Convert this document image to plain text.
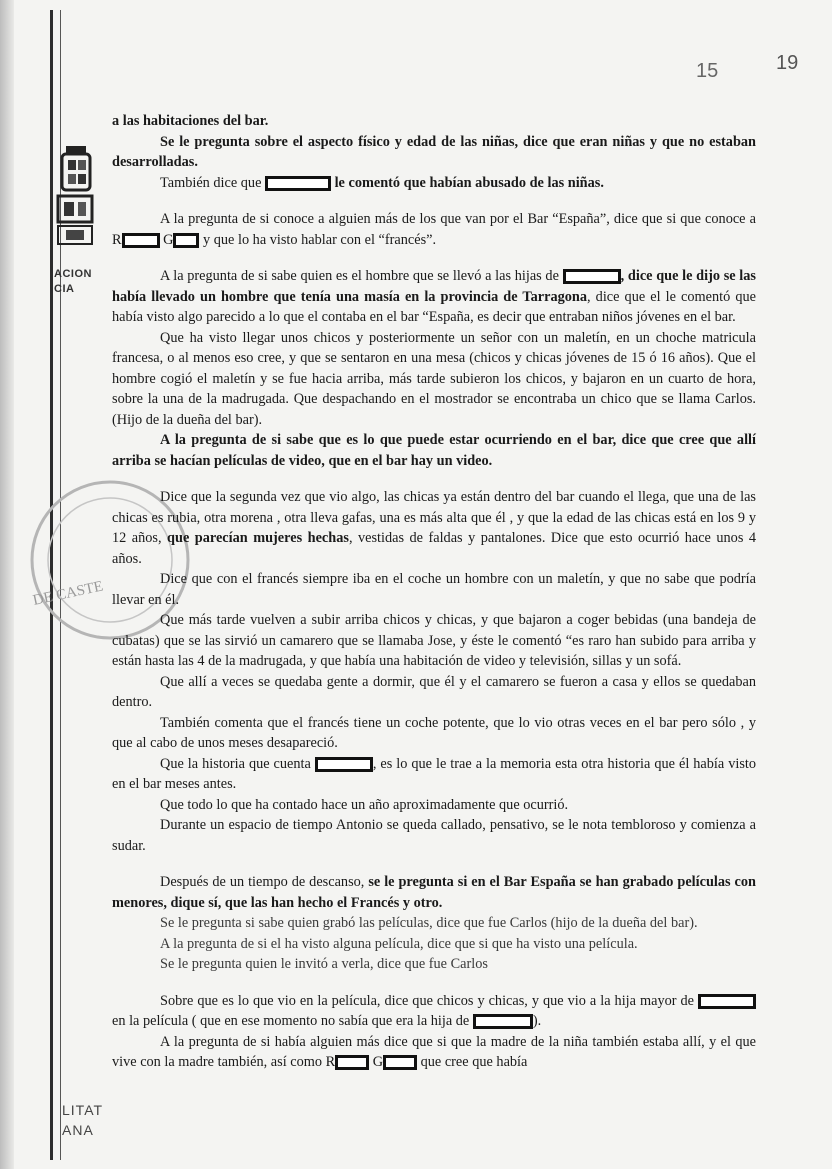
ACION
CIA
LITAT
ANA
DE CASTE
15	19

a las habitaciones del bar.

Se le pregunta sobre el aspecto físico y edad de las niñas, dice que eran niñas y que no estaban desarrolladas.

También dice que	le comentó que habían abusado de las niñas.

A la pregunta de si conoce a alguien más de los que van por el Bar “España”, dice que si que conoce a R	G y que lo ha visto hablar con el “francés”.

A la pregunta de si sabe quien es el hombre que se llevó a las hijas de	, dice que le dijo se las había llevado un hombre que tenía una masía en la provincia de Tarragona, dice que el le comentó que había visto algo parecido a lo que el contaba en el bar “España, es decir que entraban niños jóvenes en el bar.

Que ha visto llegar unos chicos y posteriormente un señor con un maletín, en un choche matricula francesa, o al menos eso cree, y que se sentaron en una mesa (chicos y chicas jóvenes de 15 ó 16 años). Que el hombre cogió el maletín y se fue hacia arriba, más tarde subieron los chicos, y bajaron en un cuarto de hora, sobre la una de la madrugada. Que despachando en el mostrador se encontraba un chico que se llama Carlos. (Hijo de la dueña del bar).

A la pregunta de si sabe que es lo que puede estar ocurriendo en el bar, dice que cree que allí arriba se hacían películas de video, que en el bar hay un video.

Dice que la segunda vez que vio algo, las chicas ya están dentro del bar cuando el llega, que una de las chicas es rubia, otra morena , otra lleva gafas, una es más alta que él , y que la edad de las chicas está en los 9 y 12 años, que parecían mujeres hechas, vestidas de faldas y pantalones. Dice que esto ocurrió hace unos 4 años.

Dice que con el francés siempre iba en el coche un hombre con un maletín, y que no sabe que podría llevar en él.

Que más tarde vuelven a subir arriba chicos y chicas, y que bajaron a coger bebidas (una bandeja de cubatas) que se las sirvió un camarero que se llamaba Jose, y éste le comentó “es raro han subido para arriba y están hasta las 4 de la madrugada, y que había una habitación de video y televisión, sillas y un sofá.

Que allí a veces se quedaba gente a dormir, que él y el camarero se fueron a casa y ellos se quedaban dentro.

También comenta que el francés tiene un coche potente, que lo vio otras veces en el bar pero sólo , y que al cabo de unos meses desapareció.

Que la historia que cuenta	, es lo que le trae a la memoria esta otra historia que él había visto en el bar meses antes.

Que todo lo que ha contado hace un año aproximadamente que ocurrió.

Durante un espacio de tiempo Antonio se queda callado, pensativo, se le nota tembloroso y comienza a sudar.

Después de un tiempo de descanso, se le pregunta si en el Bar España se han grabado películas con menores, dique sí, que las han hecho el Francés y otro.

Se le pregunta si sabe quien grabó las películas, dice que fue Carlos (hijo de la dueña del bar).

A la pregunta de si el ha visto alguna película, dice que si que ha visto una película.

Se le pregunta quien le invitó a verla, dice que fue Carlos

Sobre que es lo que vio en la película, dice que chicos y chicas, y que vio a la hija mayor de  en la película ( que en ese momento no sabía que era la hija de	).

A la pregunta de si había alguien más dice que si que la madre de la niña también estaba allí, y el que vive con la madre también, así como R	G	que cree que había
